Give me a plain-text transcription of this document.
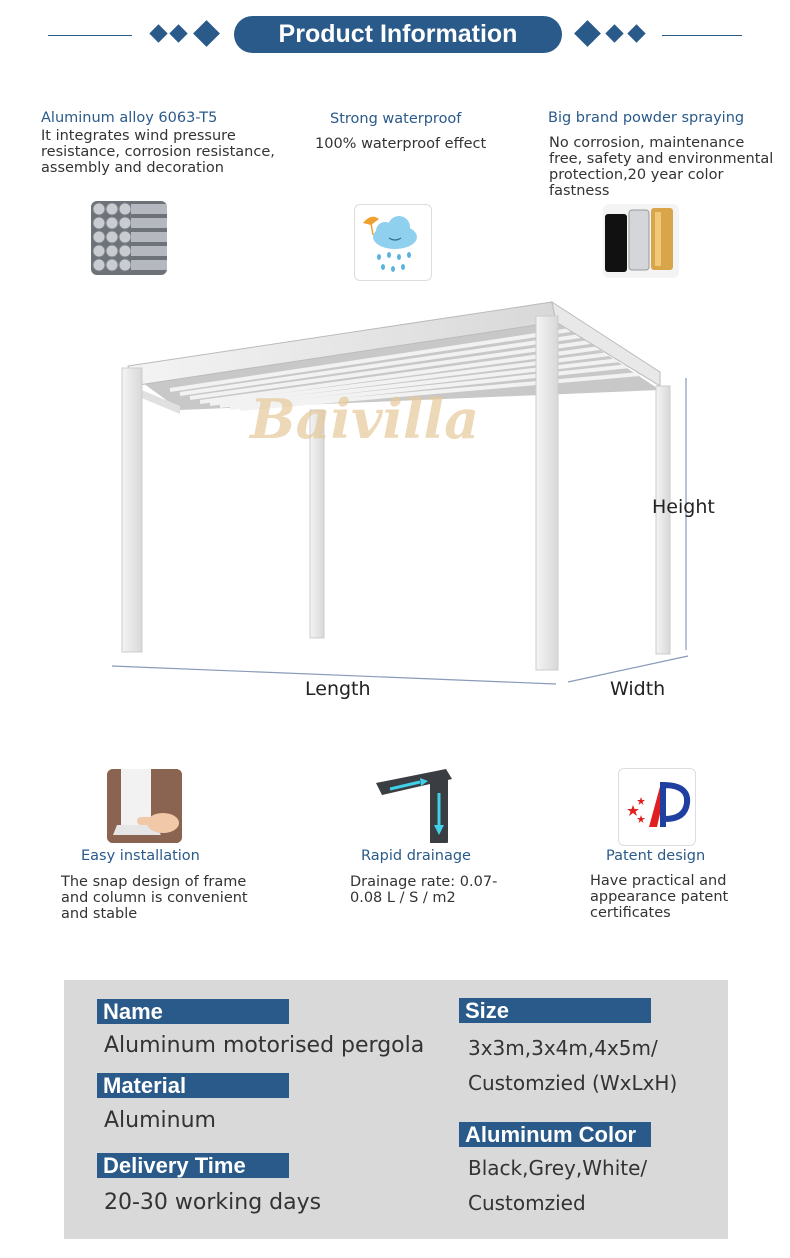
Product Information
Aluminum alloy 6063-T5
It integrates wind pressure resistance, corrosion resistance, assembly and decoration
Strong waterproof
100% waterproof effect
Big brand powder spraying
No corrosion, maintenance free, safety and environmental protection,20 year color fastness
Baivilla
Height
Length	Width
Easy installation
The snap design of frame and column is convenient and stable
Rapid drainage
Drainage rate: 0.07-0.08 L / S / m2
Patent design
Have practical and appearance patent certificates
Name
Aluminum motorised pergola
Material
Aluminum
Delivery Time
20-30 working days
Size
3x3m,3x4m,4x5m/
Customzied (WxLxH)
Aluminum Color
Black,Grey,White/
Customzied
